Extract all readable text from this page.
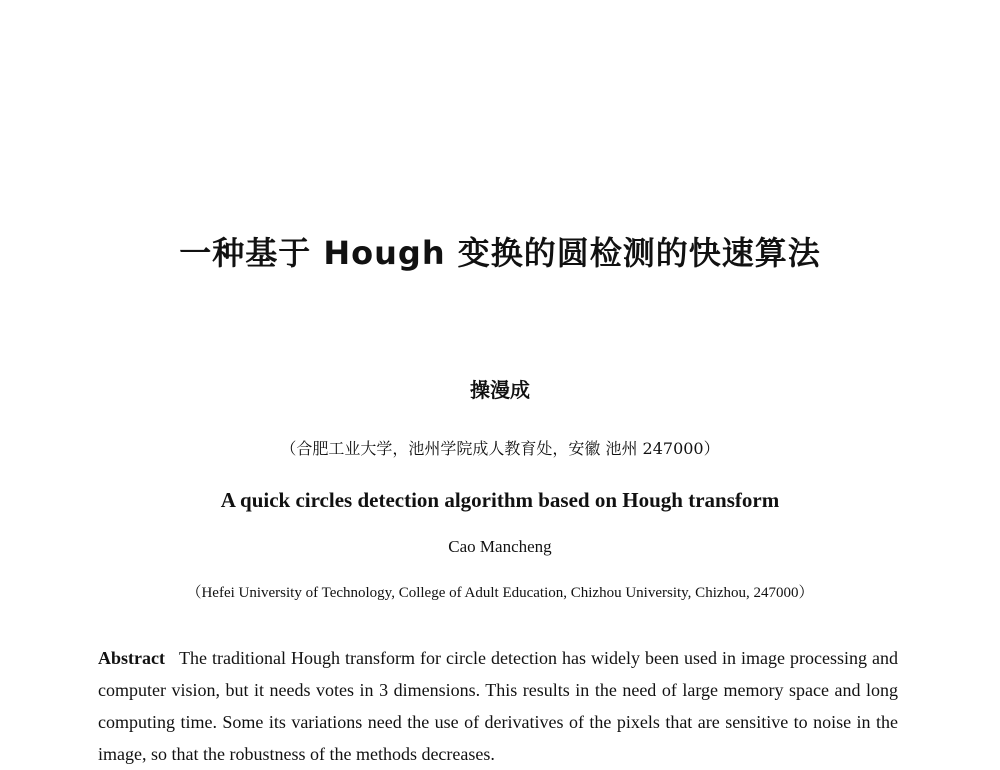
一种基于 Hough 变换的圆检测的快速算法
操漫成
（合肥工业大学，池州学院成人教育处，安徽 池州 247000）
A quick circles detection algorithm based on Hough transform
Cao Mancheng
（Hefei University of Technology, College of Adult Education, Chizhou University, Chizhou, 247000）
Abstract The traditional Hough transform for circle detection has widely been used in image processing and computer vision, but it needs votes in 3 dimensions. This results in the need of large memory space and long computing time. Some its variations need the use of derivatives of the pixels that are sensitive to noise in the image, so that the robustness of the methods decreases.
